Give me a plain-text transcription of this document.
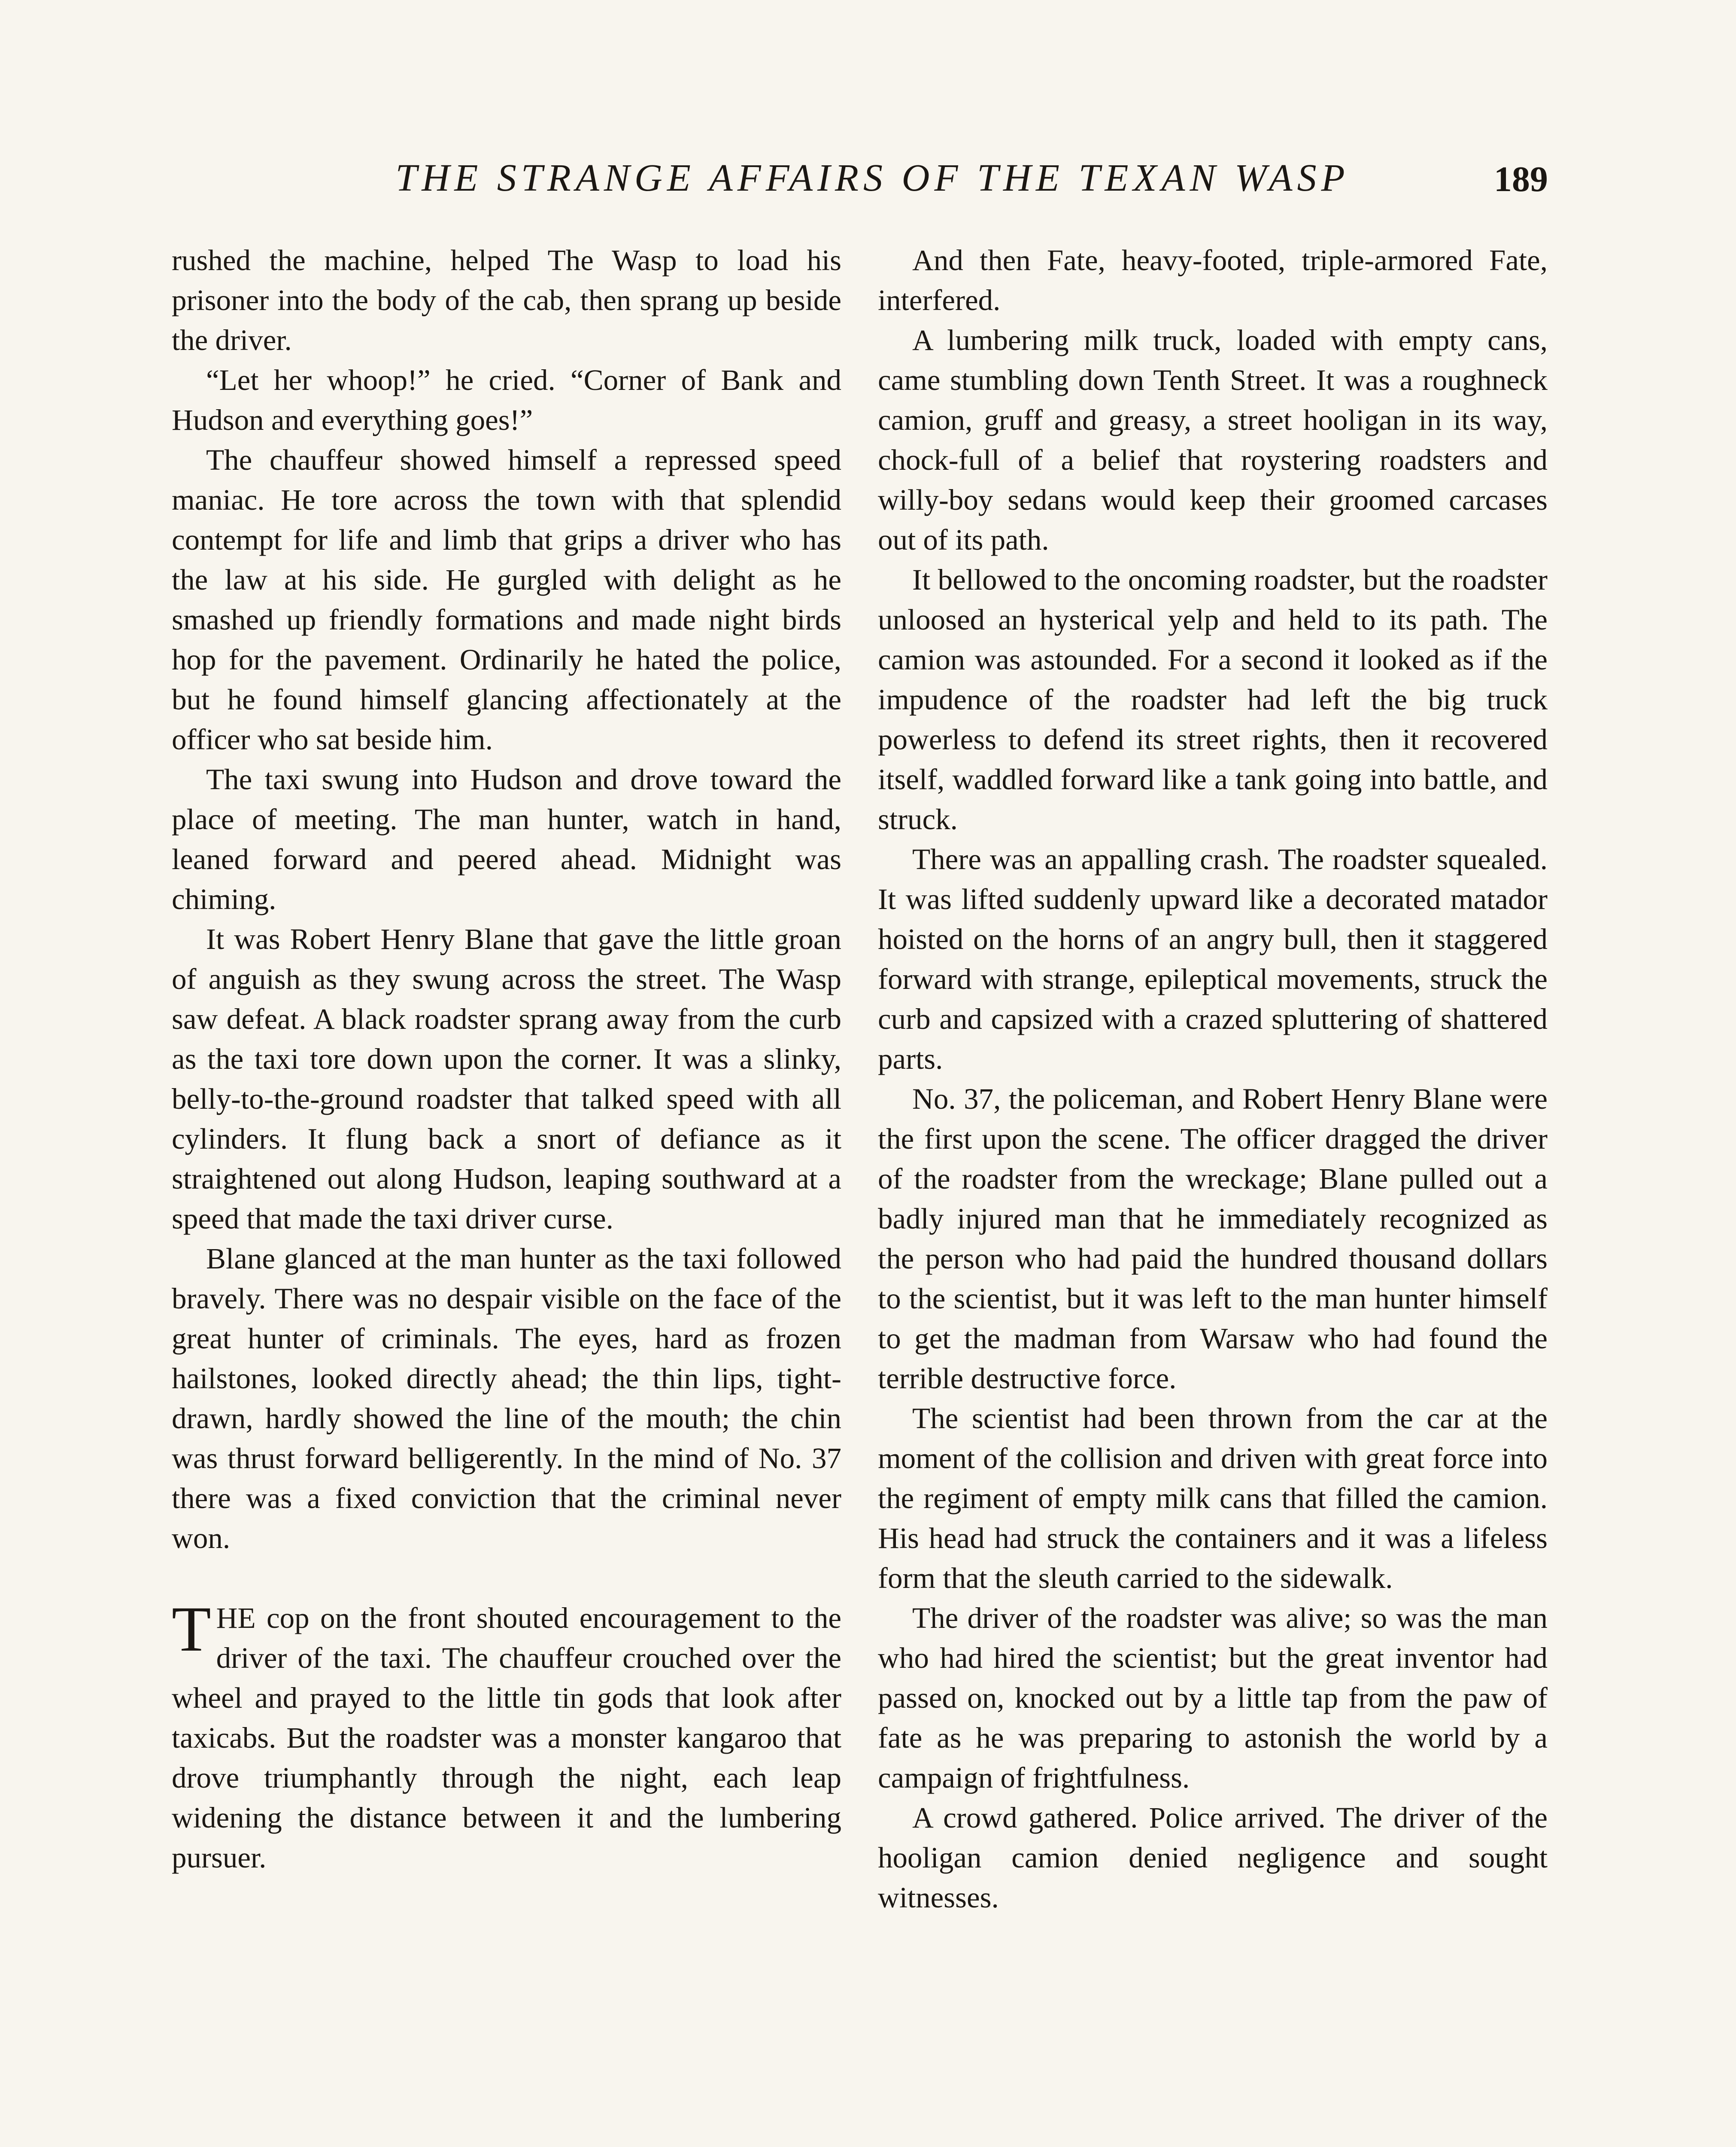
THE STRANGE AFFAIRS OF THE TEXAN WASP	189

rushed the machine, helped The Wasp to load his prisoner into the body of the cab, then sprang up beside the driver.

“Let her whoop!” he cried. “Corner of Bank and Hudson and everything goes!”

The chauffeur showed himself a repressed speed maniac. He tore across the town with that splendid contempt for life and limb that grips a driver who has the law at his side. He gurgled with delight as he smashed up friendly formations and made night birds hop for the pavement. Ordinarily he hated the police, but he found himself glancing affectionately at the officer who sat beside him.

The taxi swung into Hudson and drove toward the place of meeting. The man hunter, watch in hand, leaned forward and peered ahead. Midnight was chiming.

It was Robert Henry Blane that gave the little groan of anguish as they swung across the street. The Wasp saw defeat. A black roadster sprang away from the curb as the taxi tore down upon the corner. It was a slinky, belly-to-the-ground roadster that talked speed with all cylinders. It flung back a snort of defiance as it straightened out along Hudson, leaping southward at a speed that made the taxi driver curse.

Blane glanced at the man hunter as the taxi followed bravely. There was no despair visible on the face of the great hunter of criminals. The eyes, hard as frozen hailstones, looked directly ahead; the thin lips, tight-drawn, hardly showed the line of the mouth; the chin was thrust forward belligerently. In the mind of No. 37 there was a fixed conviction that the criminal never won.

THE cop on the front shouted encouragement to the driver of the taxi. The chauffeur crouched over the wheel and prayed to the little tin gods that look after taxicabs. But the roadster was a monster kangaroo that drove triumphantly through the night, each leap widening the distance between it and the lumbering pursuer.

And then Fate, heavy-footed, triple-armored Fate, interfered.

A lumbering milk truck, loaded with empty cans, came stumbling down Tenth Street. It was a roughneck camion, gruff and greasy, a street hooligan in its way, chock-full of a belief that roystering roadsters and willy-boy sedans would keep their groomed carcases out of its path.

It bellowed to the oncoming roadster, but the roadster unloosed an hysterical yelp and held to its path. The camion was astounded. For a second it looked as if the impudence of the roadster had left the big truck powerless to defend its street rights, then it recovered itself, waddled forward like a tank going into battle, and struck.

There was an appalling crash. The roadster squealed. It was lifted suddenly upward like a decorated matador hoisted on the horns of an angry bull, then it staggered forward with strange, epileptical movements, struck the curb and capsized with a crazed spluttering of shattered parts.

No. 37, the policeman, and Robert Henry Blane were the first upon the scene. The officer dragged the driver of the roadster from the wreckage; Blane pulled out a badly injured man that he immediately recognized as the person who had paid the hundred thousand dollars to the scientist, but it was left to the man hunter himself to get the madman from Warsaw who had found the terrible destructive force.

The scientist had been thrown from the car at the moment of the collision and driven with great force into the regiment of empty milk cans that filled the camion. His head had struck the containers and it was a lifeless form that the sleuth carried to the sidewalk.

The driver of the roadster was alive; so was the man who had hired the scientist; but the great inventor had passed on, knocked out by a little tap from the paw of fate as he was preparing to astonish the world by a campaign of frightfulness.

A crowd gathered. Police arrived. The driver of the hooligan camion denied negligence and sought witnesses.
